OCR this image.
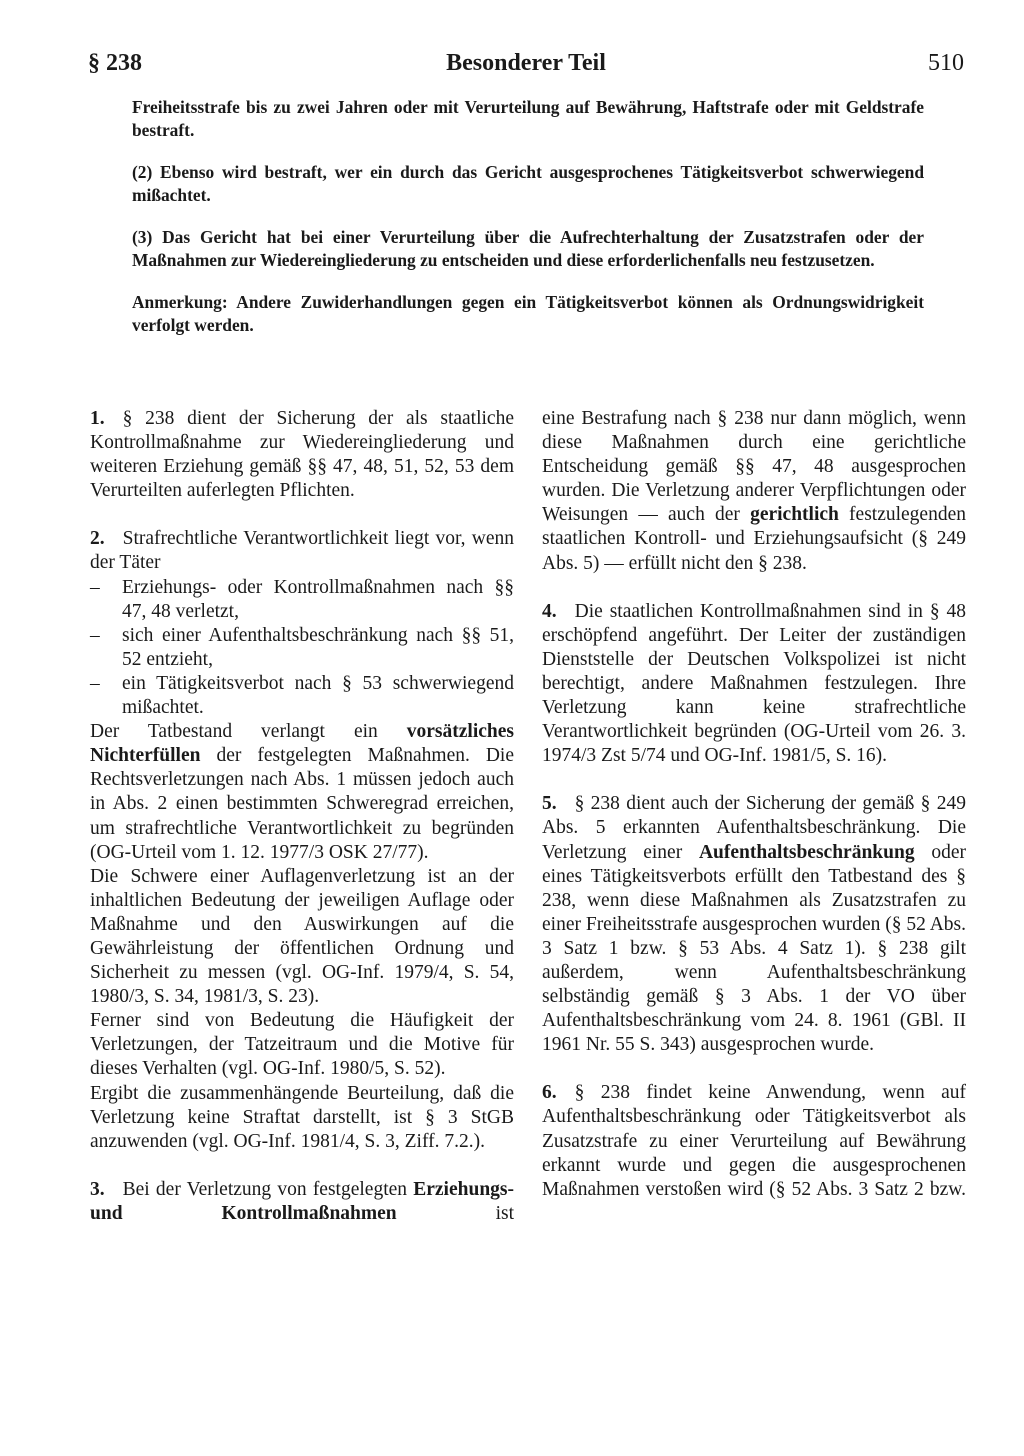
§ 238	Besonderer Teil	510

Freiheitsstrafe bis zu zwei Jahren oder mit Verurteilung auf Bewährung, Haftstrafe oder mit Geldstrafe bestraft.

(2) Ebenso wird bestraft, wer ein durch das Gericht ausgesprochenes Tätigkeitsverbot schwerwiegend mißachtet.

(3) Das Gericht hat bei einer Verurteilung über die Aufrechterhaltung der Zusatzstrafen oder der Maßnahmen zur Wiedereingliederung zu entscheiden und diese erforderlichenfalls neu festzusetzen.

Anmerkung: Andere Zuwiderhandlungen gegen ein Tätigkeitsverbot können als Ordnungswidrigkeit verfolgt werden.

1. § 238 dient der Sicherung der als staatliche Kontrollmaßnahme zur Wiedereingliederung und weiteren Erziehung gemäß §§ 47, 48, 51, 52, 53 dem Verurteilten auferlegten Pflichten.

2. Strafrechtliche Verantwortlichkeit liegt vor, wenn der Täter

– Erziehungs- oder Kontrollmaßnahmen nach §§ 47, 48 verletzt,
– sich einer Aufenthaltsbeschränkung nach §§ 51, 52 entzieht,
– ein Tätigkeitsverbot nach § 53 schwerwiegend mißachtet.

Der Tatbestand verlangt ein vorsätzliches Nichterfüllen der festgelegten Maßnahmen. Die Rechtsverletzungen nach Abs. 1 müssen jedoch auch in Abs. 2 einen bestimmten Schweregrad erreichen, um strafrechtliche Verantwortlichkeit zu begründen (OG-Urteil vom 1. 12. 1977/3 OSK 27/77).

Die Schwere einer Auflagenverletzung ist an der inhaltlichen Bedeutung der jeweiligen Auflage oder Maßnahme und den Auswirkungen auf die Gewährleistung der öffentlichen Ordnung und Sicherheit zu messen (vgl. OG-Inf. 1979/4, S. 54, 1980/3, S. 34, 1981/3, S. 23).

Ferner sind von Bedeutung die Häufigkeit der Verletzungen, der Tatzeitraum und die Motive für dieses Verhalten (vgl. OG-Inf. 1980/5, S. 52).

Ergibt die zusammenhängende Beurteilung, daß die Verletzung keine Straftat darstellt, ist § 3 StGB anzuwenden (vgl. OG-Inf. 1981/4, S. 3, Ziff. 7.2.).

3. Bei der Verletzung von festgelegten Erziehungs- und Kontrollmaßnahmen ist

eine Bestrafung nach § 238 nur dann möglich, wenn diese Maßnahmen durch eine gerichtliche Entscheidung gemäß §§ 47, 48 ausgesprochen wurden. Die Verletzung anderer Verpflichtungen oder Weisungen — auch der gerichtlich festzulegenden staatlichen Kontroll- und Erziehungsaufsicht (§ 249 Abs. 5) — erfüllt nicht den § 238.

4. Die staatlichen Kontrollmaßnahmen sind in § 48 erschöpfend angeführt. Der Leiter der zuständigen Dienststelle der Deutschen Volkspolizei ist nicht berechtigt, andere Maßnahmen festzulegen. Ihre Verletzung kann keine strafrechtliche Verantwortlichkeit begründen (OG-Urteil vom 26. 3. 1974/3 Zst 5/74 und OG-Inf. 1981/5, S. 16).

5. § 238 dient auch der Sicherung der gemäß § 249 Abs. 5 erkannten Aufenthaltsbeschränkung. Die Verletzung einer Aufenthaltsbeschränkung oder eines Tätigkeitsverbots erfüllt den Tatbestand des § 238, wenn diese Maßnahmen als Zusatzstrafen zu einer Freiheitsstrafe ausgesprochen wurden (§ 52 Abs. 3 Satz 1 bzw. § 53 Abs. 4 Satz 1). § 238 gilt außerdem, wenn Aufenthaltsbeschränkung selbständig gemäß § 3 Abs. 1 der VO über Aufenthaltsbeschränkung vom 24. 8. 1961 (GBl. II 1961 Nr. 55 S. 343) ausgesprochen wurde.

6. § 238 findet keine Anwendung, wenn auf Aufenthaltsbeschränkung oder Tätigkeitsverbot als Zusatzstrafe zu einer Verurteilung auf Bewährung erkannt wurde und gegen die ausgesprochenen Maßnahmen verstoßen wird (§ 52 Abs. 3 Satz 2 bzw.
